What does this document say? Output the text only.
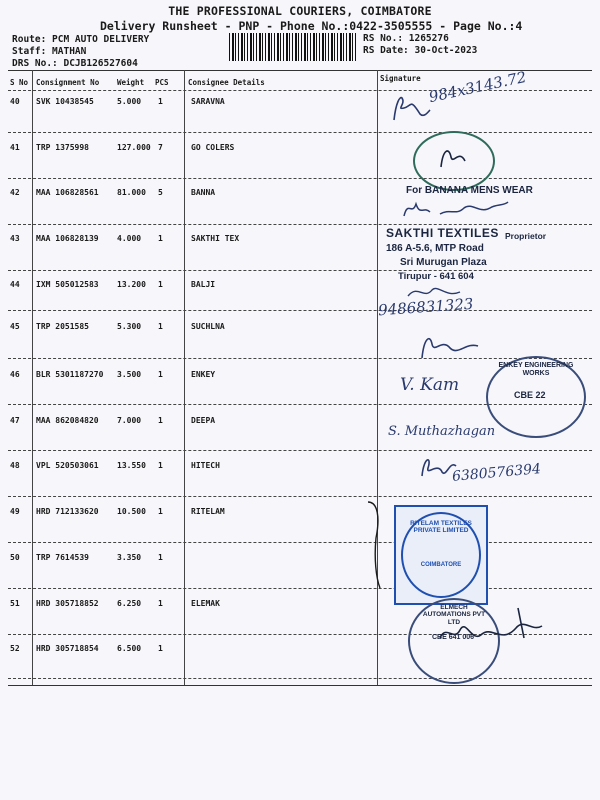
THE PROFESSIONAL COURIERS, COIMBATORE
Delivery Runsheet - PNP - Phone No.:0422-3505555 - Page No.:4
Route: PCM AUTO DELIVERY
Staff: MATHAN
DRS No.: DCJB126527604
RS No.: 1265276
RS Date: 30-Oct-2023
S No Consignment No Weight PCS	Consignee Details	Signature
40 SVK 10438545	5.000 1	SARAVNA
41 TRP 1375998	127.000 7	GO COLERS
42 MAA 106828561 81.000 5	BANNA
43 MAA 106828139 4.000 1	SAKTHI TEX
44 IXM 505012583 13.200 1	BALJI
45 TRP 2051585	5.300 1	SUCHLNA
46 BLR 5301187270 3.500 1	ENKEY
47 MAA 862084820 7.000 1	DEEPA
48 VPL 520503061 13.550 1	HITECH
49 HRD 712133620 10.500 1	RITELAM
50 TRP 7614539	3.350 1
51 HRD 305718852 6.250 1	ELEMAK
52 HRD 305718854 6.500 1
984x3143.72
For BANANA MENS WEAR
SAKTHI TEXTILES Proprietor
186 A-5.6, MTP Road
Sri Murugan Plaza
Tirupur - 641 604
9486831323
V. Kam
ENKEY ENGINEERING WORKS
CBE 22
S. Muthazhagan
6380576394
RITELAM TEXTILES PRIVATE LIMITED
COIMBATORE
ELMECH AUTOMATIONS PVT LTD
CBE 641 006
